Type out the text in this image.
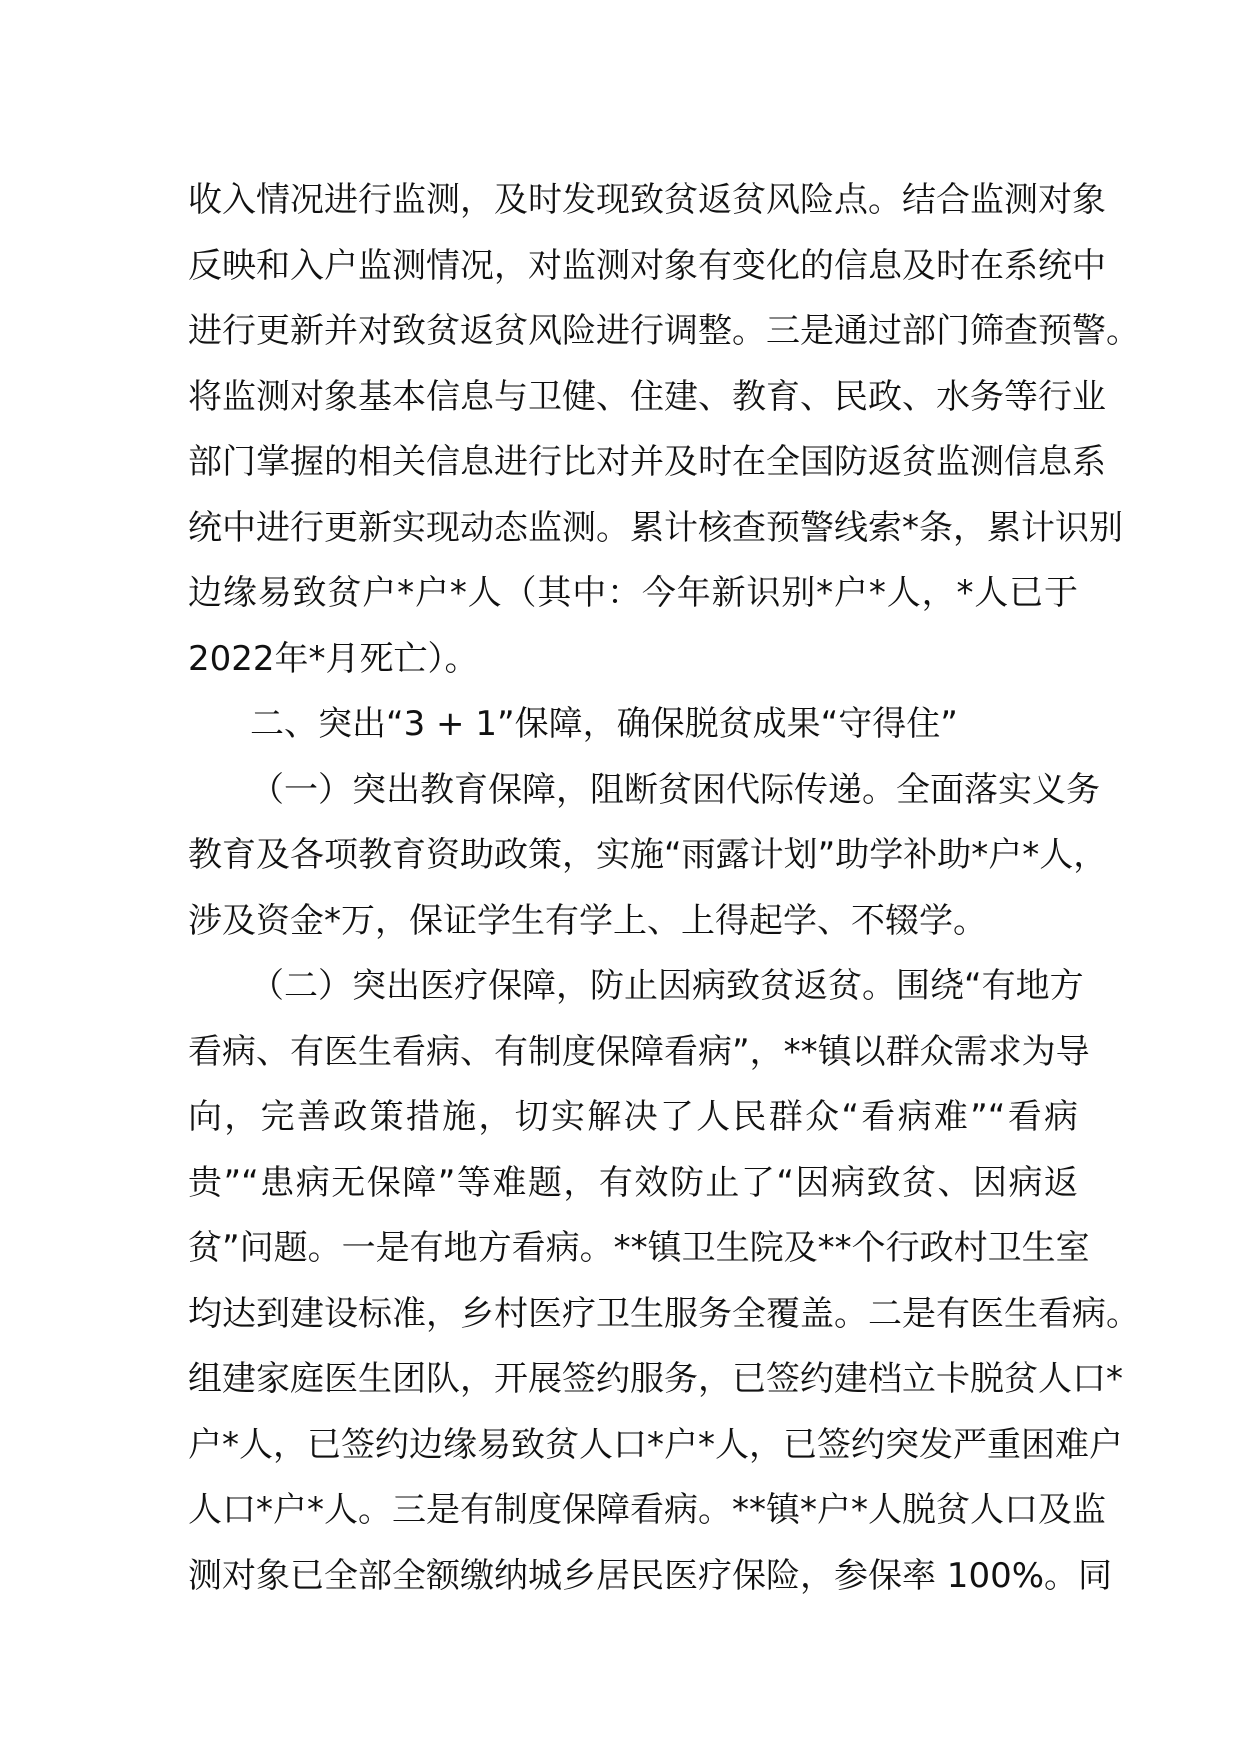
收入情况进行监测，及时发现致贫返贫风险点。结合监测对象
反映和入户监测情况，对监测对象有变化的信息及时在系统中
进行更新并对致贫返贫风险进行调整。三是通过部门筛查预警。
将监测对象基本信息与卫健、住建、教育、民政、水务等行业
部门掌握的相关信息进行比对并及时在全国防返贫监测信息系
统中进行更新实现动态监测。累计核查预警线索*条，累计识别
边缘易致贫户*户*人（其中：今年新识别*户*人，*人已于
2022年*月死亡）。
二、突出“3 + 1”保障，确保脱贫成果“守得住”
（一）突出教育保障，阻断贫困代际传递。全面落实义务
教育及各项教育资助政策，实施“雨露计划”助学补助*户*人，
涉及资金*万，保证学生有学上、上得起学、不辍学。
（二）突出医疗保障，防止因病致贫返贫。围绕“有地方
看病、有医生看病、有制度保障看病”，**镇以群众需求为导
向，完善政策措施，切实解决了人民群众“看病难”“看病
贵”“患病无保障”等难题，有效防止了“因病致贫、因病返
贫”问题。一是有地方看病。**镇卫生院及**个行政村卫生室
均达到建设标准，乡村医疗卫生服务全覆盖。二是有医生看病。
组建家庭医生团队，开展签约服务，已签约建档立卡脱贫人口*
户*人，已签约边缘易致贫人口*户*人，已签约突发严重困难户
人口*户*人。三是有制度保障看病。**镇*户*人脱贫人口及监
测对象已全部全额缴纳城乡居民医疗保险，参保率 100%。同
